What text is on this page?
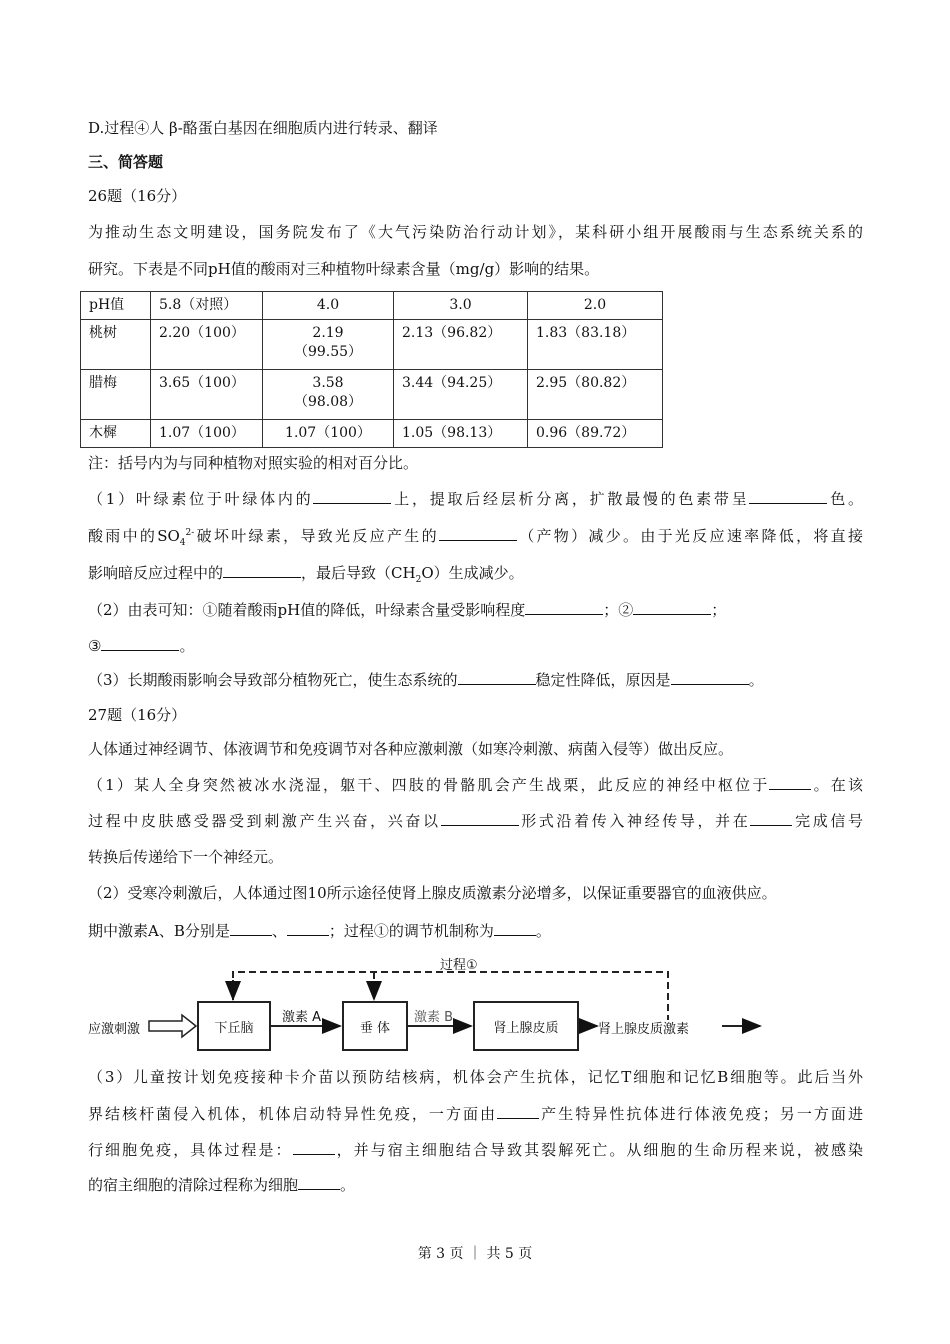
D.过程④人 β-酪蛋白基因在细胞质内进行转录、翻译
三、简答题
26题（16分）
为推动生态文明建设，国务院发布了《大气污染防治行动计划》，某科研小组开展酸雨与生态系统关系的
研究。下表是不同pH值的酸雨对三种植物叶绿素含量（mg/g）影响的结果。
pH值	5.8（对照）	4.0	3.0	2.0
桃树	2.20（100）	2.19
（99.55）	2.13（96.82）	1.83（83.18）
腊梅	3.65（100）	3.58
（98.08）	3.44（94.25）	2.95（80.82）
木樨	1.07（100）	1.07（100）	1.05（98.13）	0.96（89.72）
注：括号内为与同种植物对照实验的相对百分比。
（1）叶绿素位于叶绿体内的	上，提取后经层析分离，扩散最慢的色素带呈	色。
酸雨中的$SO_4^{2-}$破坏叶绿素，导致光反应产生的	（产物）减少。由于光反应速率降低，将直接
影响暗反应过程中的	，最后导致$(CH_2O)$生成减少。
（2）由表可知：①随着酸雨pH值的降低，叶绿素含量受影响程度	；②	；
③	。
（3）长期酸雨影响会导致部分植物死亡，使生态系统的	稳定性降低，原因是	。
27题（16分）
人体通过神经调节、体液调节和免疫调节对各种应激刺激（如寒冷刺激、病菌入侵等）做出反应。
（1）某人全身突然被冰水浇湿，躯干、四肢的骨骼肌会产生战栗，此反应的神经中枢位于	。在该
过程中皮肤感受器受到刺激产生兴奋，兴奋以	形式沿着传入神经传导，并在	完成信号
转换后传递给下一个神经元。
（2）受寒冷刺激后，人体通过图10所示途径使肾上腺皮质激素分泌增多，以保证重要器官的血液供应。
期中激素A、B分别是	、	；过程①的调节机制称为	。
应激刺激	下丘脑
激素 A
垂 体
激素 B
肾上腺皮质	肾上腺皮质激素
过程①
（3）儿童按计划免疫接种卡介苗以预防结核病，机体会产生抗体，记忆T细胞和记忆B细胞等。此后当外
界结核杆菌侵入机体，机体启动特异性免疫，一方面由	产生特异性抗体进行体液免疫；另一方面进
行细胞免疫，具体过程是：	，并与宿主细胞结合导致其裂解死亡。从细胞的生命历程来说，被感染
的宿主细胞的清除过程称为细胞	。
第 3 页 ｜ 共 5 页
